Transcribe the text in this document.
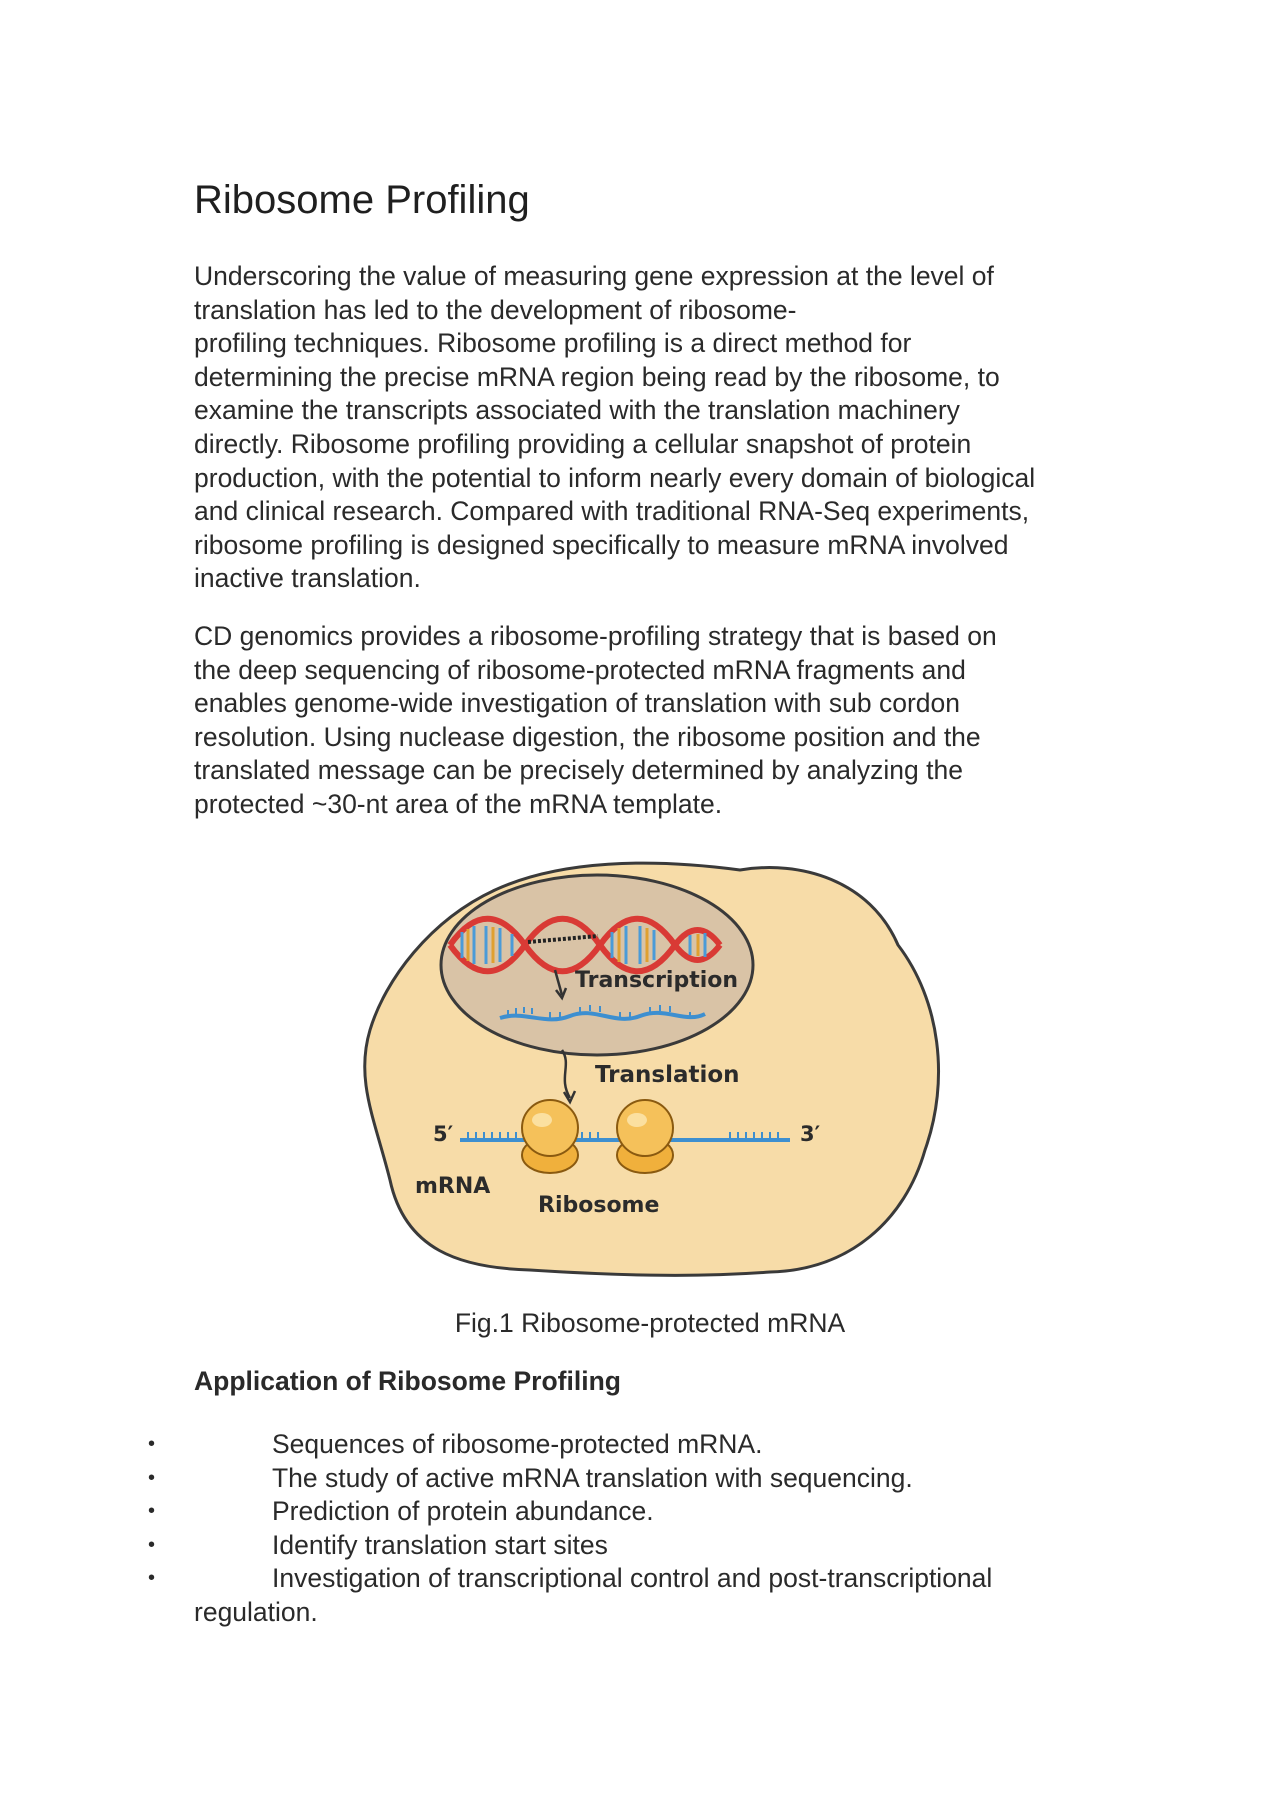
Ribosome Profiling

Underscoring the value of measuring gene expression at the level of
translation has led to the development of ribosome-
profiling techniques. Ribosome profiling is a direct method for
determining the precise mRNA region being read by the ribosome, to
examine the transcripts associated with the translation machinery
directly. Ribosome profiling providing a cellular snapshot of protein
production, with the potential to inform nearly every domain of biological
and clinical research. Compared with traditional RNA-Seq experiments,
ribosome profiling is designed specifically to measure mRNA involved
inactive translation.

CD genomics provides a ribosome-profiling strategy that is based on
the deep sequencing of ribosome-protected mRNA fragments and
enables genome-wide investigation of translation with sub cordon
resolution. Using nuclease digestion, the ribosome position and the
translated message can be precisely determined by analyzing the
protected ~30-nt area of the mRNA template.

Transcription
Translation
5′	3′
mRNA
Ribosome
Fig.1 Ribosome-protected mRNA
Application of Ribosome Profiling
•	Sequences of ribosome-protected mRNA.
•	The study of active mRNA translation with sequencing.
•	Prediction of protein abundance.
•	Identify translation start sites
•	Investigation of transcriptional control and post-transcriptional
regulation.
